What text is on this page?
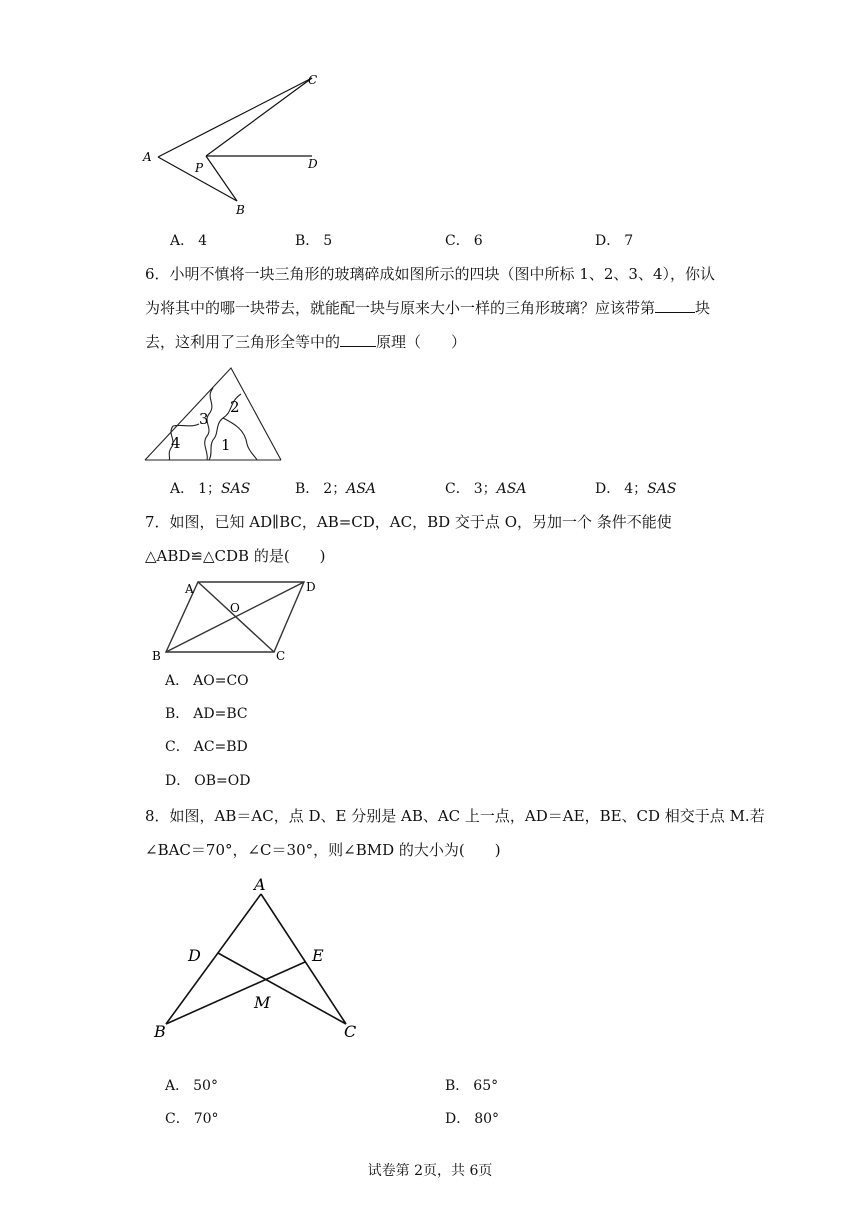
A
P
B
C
D
A． 4	B． 5	C． 6	D． 7
6．小明不慎将一块三角形的玻璃碎成如图所示的四块（图中所标 1、2、3、4），你认
为将其中的哪一块带去，就能配一块与原来大小一样的三角形玻璃？应该带第	块
去，这利用了三角形全等中的 原理（　　）
4
3
2
1
A． 1；SAS	B． 2；ASA	C． 3；ASA	D． 4；SAS
7．如图，已知 AD∥BC，AB=CD，AC，BD 交于点 O，另加一个 条件不能使
△ABD≌△CDB 的是(　　)
A	D
O
B	C
A． AO=CO
B． AD=BC
C． AC=BD
D． OB=OD
8．如图，AB＝AC，点 D、E 分别是 AB、AC 上一点，AD＝AE，BE、CD 相交于点 M.若
∠BAC＝70°，∠C＝30°，则∠BMD 的大小为(　　)
A
D	E
M
B	C
A． 50°	B． 65°
C． 70°	D． 80°
试卷第 2页，共 6页
